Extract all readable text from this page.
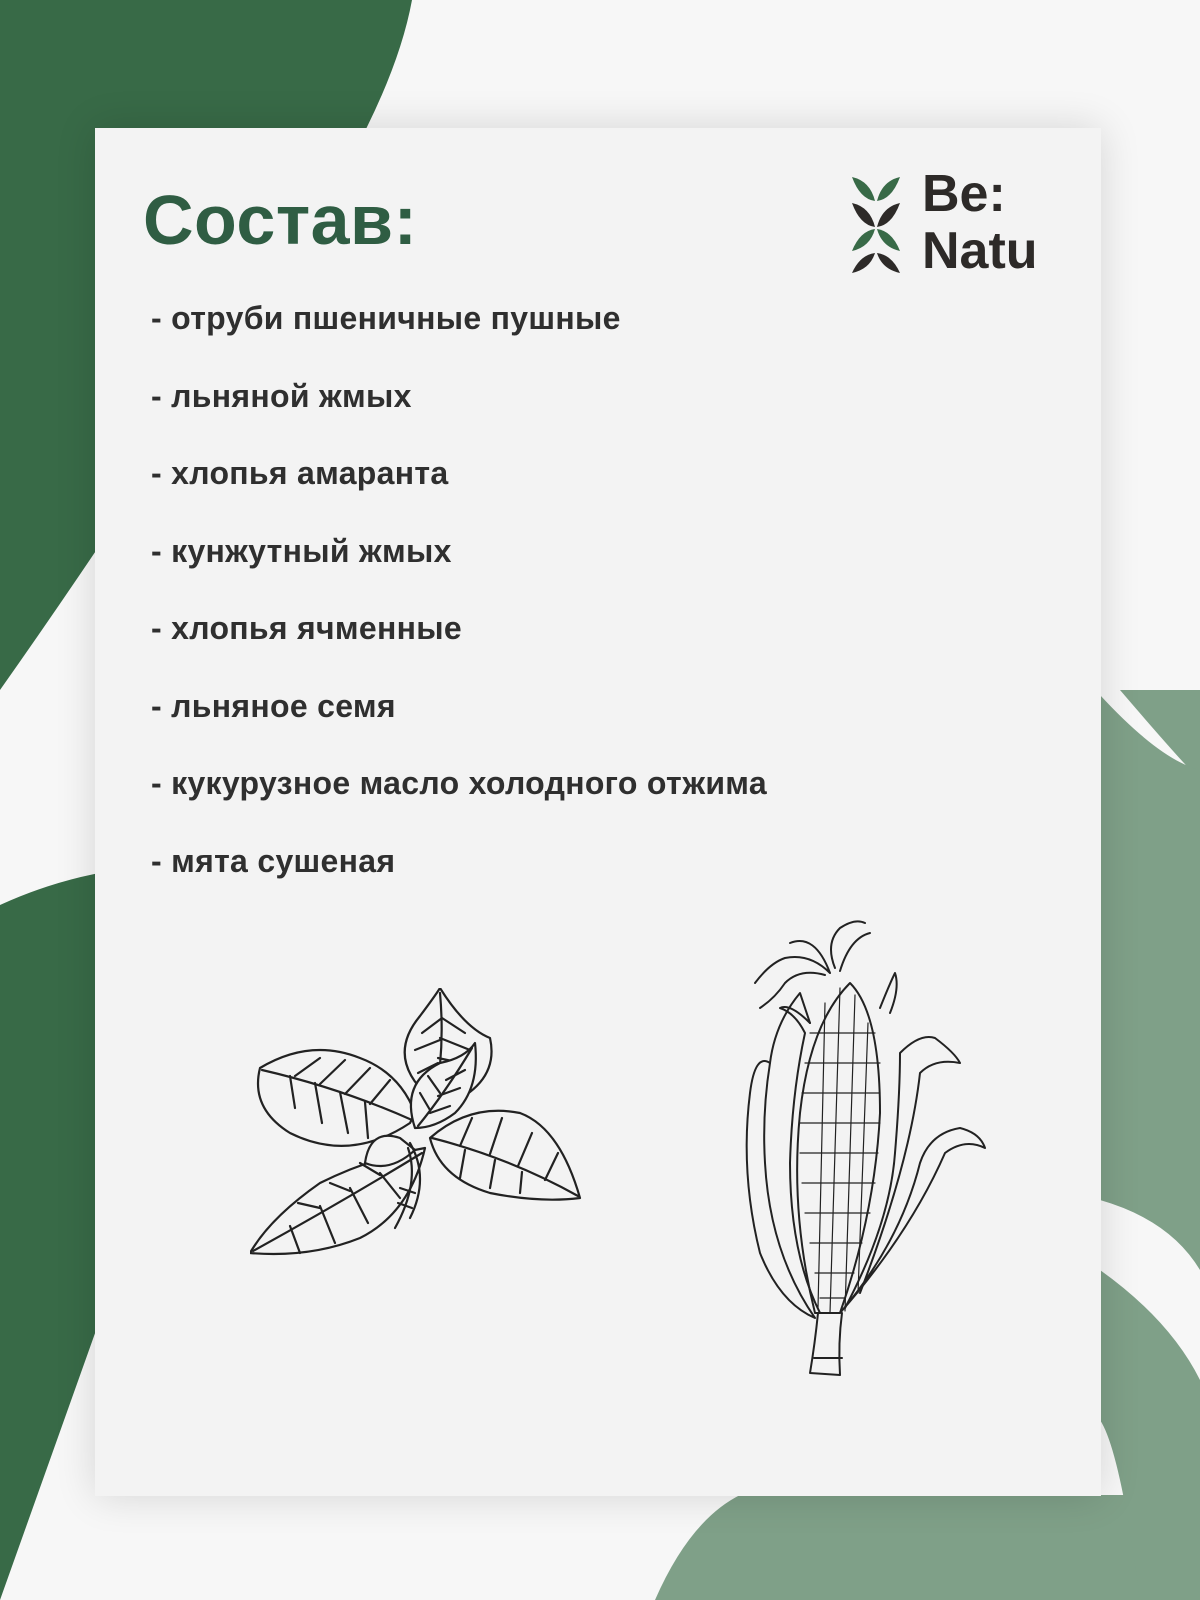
Состав:	Be:
Natu
- отруби пшеничные пушные
- льняной жмых
- хлопья амаранта
- кунжутный жмых
- хлопья ячменные
- льняное семя
- кукурузное масло холодного отжима
- мята сушеная
